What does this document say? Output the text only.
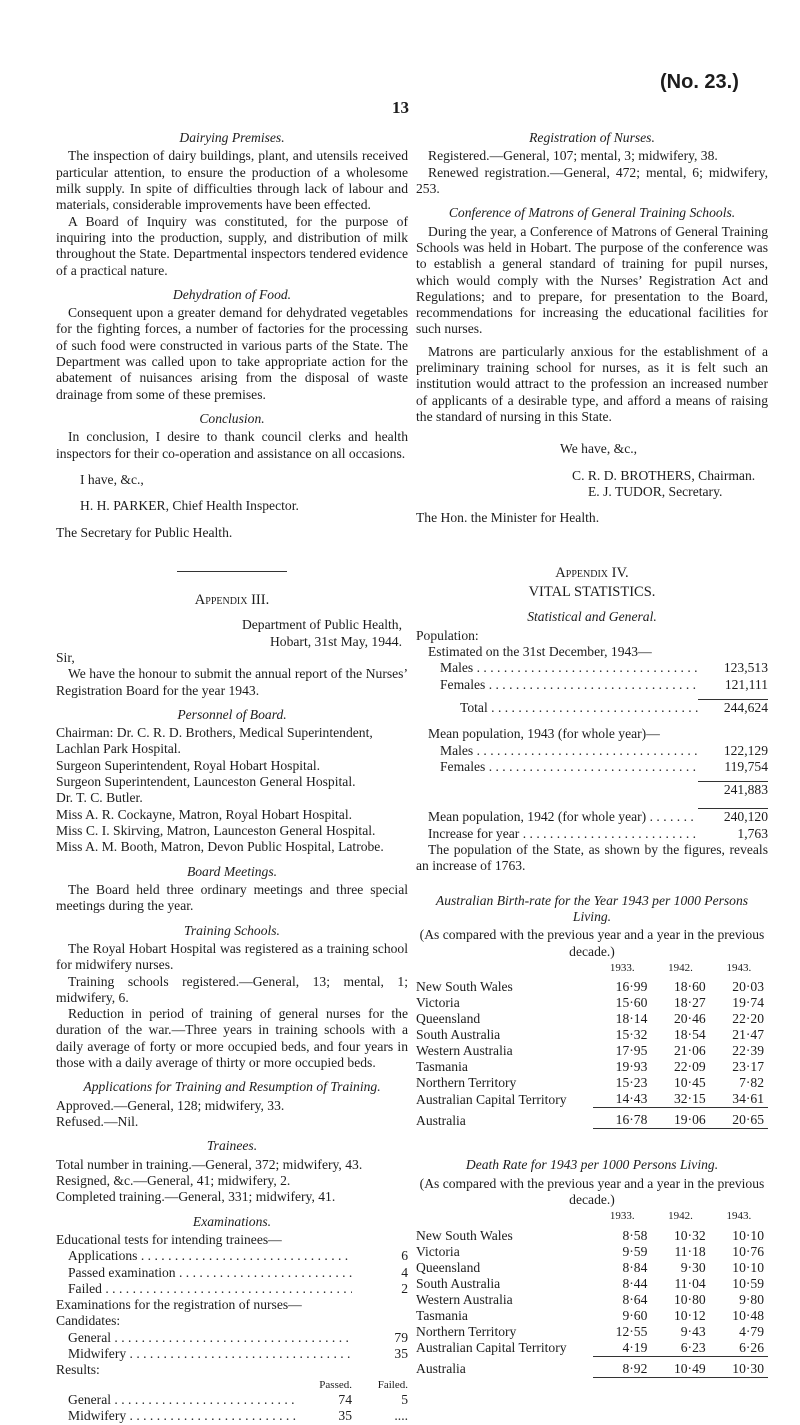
13
(No. 23.)
Dairying Premises.

The inspection of dairy buildings, plant, and utensils received particular attention, to ensure the production of a wholesome milk supply. In spite of difficulties through lack of labour and materials, considerable improvements have been effected.

A Board of Inquiry was constituted, for the purpose of inquiring into the production, supply, and distribution of milk throughout the State. Departmental inspectors tendered evidence of a practical nature.

Dehydration of Food.

Consequent upon a greater demand for dehydrated vegetables for the fighting forces, a number of factories for the processing of such food were constructed in various parts of the State. The Department was called upon to take appropriate action for the abatement of nuisances arising from the disposal of waste drainage from some of these premises.

Conclusion.

In conclusion, I desire to thank council clerks and health inspectors for their co-operation and assistance on all occasions.

I have, &c.,

H. H. PARKER, Chief Health Inspector.

The Secretary for Public Health.

Appendix III.

Department of Public Health,

Hobart, 31st May, 1944.

Sir,

We have the honour to submit the annual report of the Nurses’ Registration Board for the year 1943.

Personnel of Board.

Chairman: Dr. C. R. D. Brothers, Medical Superintendent, Lachlan Park Hospital.

Surgeon Superintendent, Royal Hobart Hospital.

Surgeon Superintendent, Launceston General Hospital.

Dr. T. C. Butler.

Miss A. R. Cockayne, Matron, Royal Hobart Hospital.

Miss C. I. Skirving, Matron, Launceston General Hospital.

Miss A. M. Booth, Matron, Devon Public Hospital, Latrobe.

Board Meetings.

The Board held three ordinary meetings and three special meetings during the year.

Training Schools.

The Royal Hobart Hospital was registered as a training school for midwifery nurses.

Training schools registered.—General, 13; mental, 1; midwifery, 6.

Reduction in period of training of general nurses for the duration of the war.—Three years in training schools with a daily average of forty or more occupied beds, and four years in those with a daily average of thirty or more occupied beds.

Applications for Training and Resumption of Training.

Approved.—General, 128; midwifery, 33.

Refused.—Nil.

Trainees.

Total number in training.—General, 372; midwifery, 43.

Resigned, &c.—General, 41; midwifery, 2.

Completed training.—General, 331; midwifery, 41.

Examinations.

Educational tests for intending trainees—

Applications . . .	6
Passed examination . . .	4
Failed . . .	2

Examinations for the registration of nurses—

Candidates:

General . . .	79
Midwifery . . .	35

Results:

Passed.	Failed.
General . . .	74	5
Midwifery . . .	35	....
Registration of Nurses.

Registered.—General, 107; mental, 3; midwifery, 38.

Renewed registration.—General, 472; mental, 6; midwifery, 253.

Conference of Matrons of General Training Schools.

During the year, a Conference of Matrons of General Training Schools was held in Hobart. The purpose of the conference was to establish a general standard of training for pupil nurses, which would comply with the Nurses’ Registration Act and Regulations; and to prepare, for presentation to the Board, recommendations for increasing the educational facilities for such nurses.

Matrons are particularly anxious for the establishment of a preliminary training school for nurses, as it is felt such an institution would attract to the profession an increased number of applicants of a desirable type, and afford a means of raising the standard of nursing in this State.

We have, &c.,

C. R. D. BROTHERS, Chairman.

E. J. TUDOR, Secretary.

The Hon. the Minister for Health.

Appendix IV.
VITAL STATISTICS.
Statistical and General.

Population:

Estimated on the 31st December, 1943—

Males . . .	123,513
Females . . .	121,111
Total . . .	244,624

Mean population, 1943 (for whole year)—

Males . . .	122,129
Females . . .	119,754
241,883
Mean population, 1942 (for whole year) . . .	240,120
Increase for year . . .	1,763

The population of the State, as shown by the figures, reveals an increase of 1763.

Australian Birth-rate for the Year 1943 per 1000 Persons Living.

(As compared with the previous year and a year in the previous decade.)

	1933.	1942.	1943.
New South Wales	16·99	18·60	20·03
Victoria	15·60	18·27	19·74
Queensland	18·14	20·46	22·20
South Australia	15·32	18·54	21·47
Western Australia	17·95	21·06	22·39
Tasmania	19·93	22·09	23·17
Northern Territory	15·23	10·45	7·82
Australian Capital Territory	14·43	32·15	34·61

Australia	16·78	19·06	20·65

Death Rate for 1943 per 1000 Persons Living.

(As compared with the previous year and a year in the previous decade.)

	1933.	1942.	1943.
New South Wales	8·58	10·32	10·10
Victoria	9·59	11·18	10·76
Queensland	8·84	9·30	10·10
South Australia	8·44	11·04	10·59
Western Australia	8·64	10·80	9·80
Tasmania	9·60	10·12	10·48
Northern Territory	12·55	9·43	4·79
Australian Capital Territory	4·19	6·23	6·26

Australia	8·92	10·49	10·30
